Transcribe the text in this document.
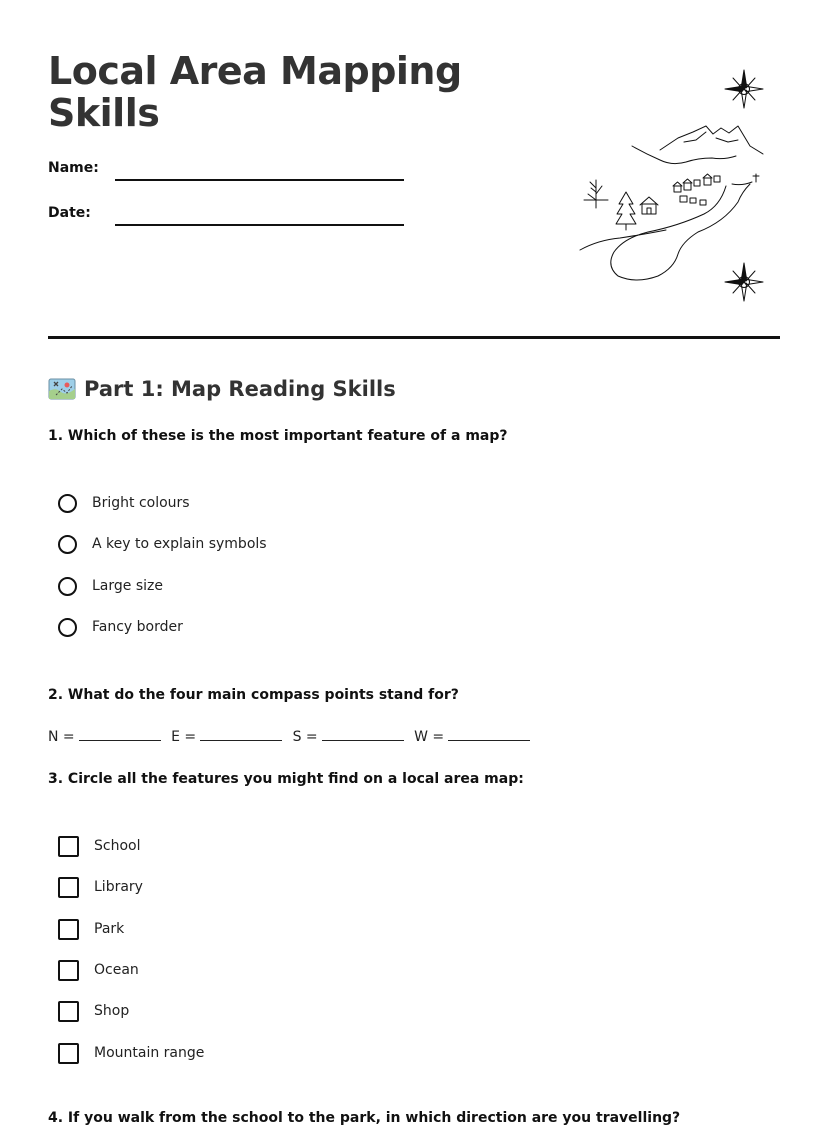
Local Area Mapping Skills
Name:
Date:
Part 1: Map Reading Skills
1. Which of these is the most important feature of a map?
Bright colours
A key to explain symbols
Large size
Fancy border
2. What do the four main compass points stand for?
N =	E =	S =	W =
3. Circle all the features you might find on a local area map:
School
Library
Park
Ocean
Shop
Mountain range
4. If you walk from the school to the park, in which direction are you travelling?
